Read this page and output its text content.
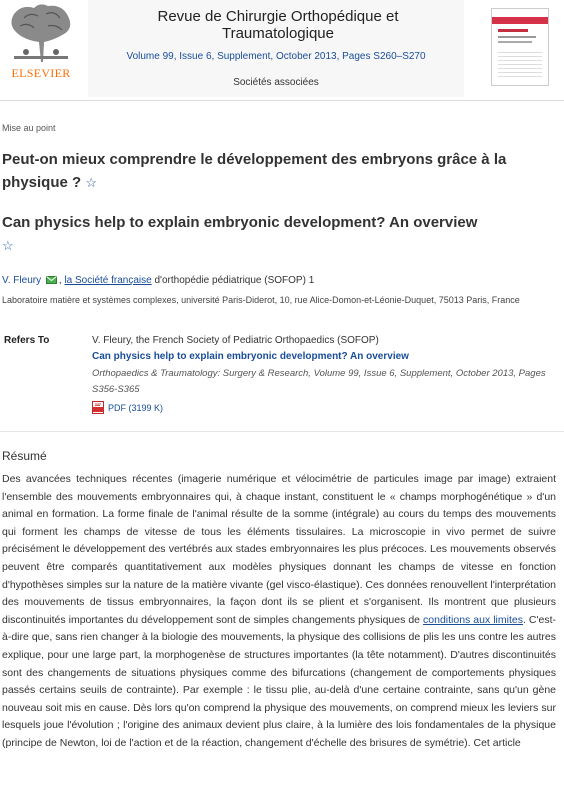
ELSEVIER
Revue de Chirurgie Orthopédique et Traumatologique
Volume 99, Issue 6, Supplement, October 2013, Pages S260–S270
Sociétés associées
Mise au point
Peut-on mieux comprendre le développement des embryons grâce à la physique ? ☆
Can physics help to explain embryonic development? An overview
☆
V. Fleury , la Société française d'orthopédie pédiatrique (SOFOP) 1
Laboratoire matière et systèmes complexes, université Paris-Diderot, 10, rue Alice-Domon-et-Léonie-Duquet, 75013 Paris, France
Refers To	V. Fleury, the French Society of Pediatric Orthopaedics (SOFOP)
Can physics help to explain embryonic development? An overview
Orthopaedics & Traumatology: Surgery & Research, Volume 99, Issue 6, Supplement, October 2013, Pages S356-S365
PDF (3199 K)
Résumé
Des avancées techniques récentes (imagerie numérique et vélocimétrie de particules image par image) extraient l'ensemble des mouvements embryonnaires qui, à chaque instant, constituent le « champs morphogénétique » d'un animal en formation. La forme finale de l'animal résulte de la somme (intégrale) au cours du temps des mouvements qui forment les champs de vitesse de tous les éléments tissulaires. La microscopie in vivo permet de suivre précisément le développement des vertébrés aux stades embryonnaires les plus précoces. Les mouvements observés peuvent être comparés quantitativement aux modèles physiques donnant les champs de vitesse en fonction d'hypothèses simples sur la nature de la matière vivante (gel visco-élastique). Ces données renouvellent l'interprétation des mouvements de tissus embryonnaires, la façon dont ils se plient et s'organisent. Ils montrent que plusieurs discontinuités importantes du développement sont de simples changements physiques de conditions aux limites. C'est-à-dire que, sans rien changer à la biologie des mouvements, la physique des collisions de plis les uns contre les autres explique, pour une large part, la morphogenèse de structures importantes (la tête notamment). D'autres discontinuités sont des changements de situations physiques comme des bifurcations (changement de comportements physiques passés certains seuils de contrainte). Par exemple : le tissu plie, au-delà d'une certaine contrainte, sans qu'un gène nouveau soit mis en cause. Dès lors qu'on comprend la physique des mouvements, on comprend mieux les leviers sur lesquels joue l'évolution ; l'origine des animaux devient plus claire, à la lumière des lois fondamentales de la physique (principe de Newton, loi de l'action et de la réaction, changement d'échelle des brisures de symétrie). Cet article
